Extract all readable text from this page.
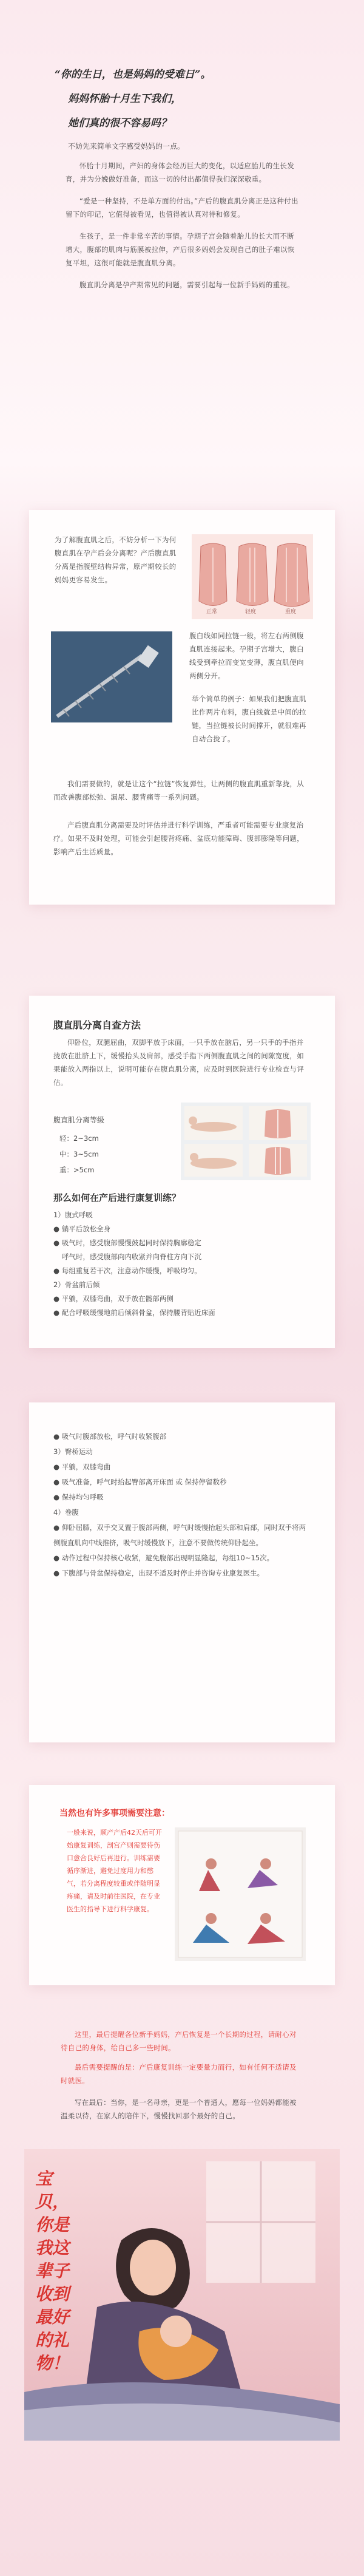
“你的生日，也是妈妈的受难日”。
妈妈怀胎十月生下我们，
她们真的很不容易吗？
不妨先来简单文字感受妈妈的一点。

怀胎十月期间，产妇的身体会经历巨大的变化，以适应胎儿的生长发育，并为分娩做好准备，而这一切的付出都值得我们深深敬重。

“爱是一种坚持，不是单方面的付出。”产后的腹直肌分离正是这种付出留下的印记，它值得被看见，也值得被认真对待和修复。

生孩子，是一件非常辛苦的事情。孕期子宫会随着胎儿的长大而不断增大，腹部的肌肉与筋膜被拉伸，产后很多妈妈会发现自己的肚子难以恢复平坦，这很可能就是腹直肌分离。

腹直肌分离是孕产期常见的问题，需要引起每一位新手妈妈的重视。

为了解腹直肌之后，不妨分析一下为何腹直肌在孕产后会分离呢？产后腹直肌分离是指腹壁结构异常，原产期较长的妈妈更容易发生。

正常	轻度	重度

腹白线如同拉链一般，将左右两侧腹直肌连接起来。孕期子宫增大，腹白线受到牵拉而变宽变薄，腹直肌便向两侧分开。

举个简单的例子：如果我们把腹直肌比作两片布料，腹白线就是中间的拉链，当拉链被长时间撑开，就很难再自动合拢了。

我们需要做的，就是让这个“拉链”恢复弹性，让两侧的腹直肌重新靠拢，从而改善腹部松弛、漏尿、腰背痛等一系列问题。

产后腹直肌分离需要及时评估并进行科学训练，严重者可能需要专业康复治疗。如果不及时处理，可能会引起腰背疼痛、盆底功能障碍、腹部膨隆等问题，影响产后生活质量。

腹直肌分离自查方法

仰卧位，双腿屈曲，双脚平放于床面，一只手放在脑后，另一只手的手指并拢放在肚脐上下，缓慢抬头及肩部，感受手指下两侧腹直肌之间的间隙宽度，如果能放入两指以上，说明可能存在腹直肌分离，应及时到医院进行专业检查与评估。

腹直肌分离等级
轻：2~3cm
中：3~5cm
重：>5cm
那么如何在产后进行康复训练？
1）腹式呼吸
● 躺平后放松全身
● 吸气时，感受腹部慢慢鼓起同时保持胸廓稳定
呼气时，感受腹部向内收紧并向脊柱方向下沉
● 每组重复若干次，注意动作缓慢，呼吸均匀。
2）骨盆前后倾
● 平躺，双膝弯曲，双手放在髋部两侧
● 配合呼吸缓慢地前后倾斜骨盆，保持腰背贴近床面
● 吸气时腹部放松，呼气时收紧腹部
3）臀桥运动
● 平躺，双膝弯曲
● 吸气准备，呼气时抬起臀部离开床面 或 保持停留数秒
● 保持均匀呼吸
4）卷腹
● 仰卧屈膝，双手交叉置于腹部两侧，呼气时缓慢抬起头部和肩部，同时双手将两侧腹直肌向中线推挤，吸气时缓慢放下，注意不要做传统仰卧起坐。
● 动作过程中保持核心收紧，避免腹部出现明显隆起，每组10~15次。
● 下腹部与骨盆保持稳定，出现不适及时停止并咨询专业康复医生。
当然也有许多事项需要注意：
一般来说，顺产产后42天后可开始康复训练，剖宫产则需要待伤口愈合良好后再进行。训练需要循序渐进，避免过度用力和憋气，若分离程度较重或伴随明显疼痛，请及时前往医院，在专业医生的指导下进行科学康复。

这里，最后提醒各位新手妈妈，产后恢复是一个长期的过程，请耐心对待自己的身体，给自己多一些时间。

最后需要提醒的是：产后康复训练一定要量力而行，如有任何不适请及时就医。

写在最后：当你，是一名母亲，更是一个普通人，愿每一位妈妈都能被温柔以待，在家人的陪伴下，慢慢找回那个最好的自己。

宝贝，你是我这辈子收到最好的礼物！
